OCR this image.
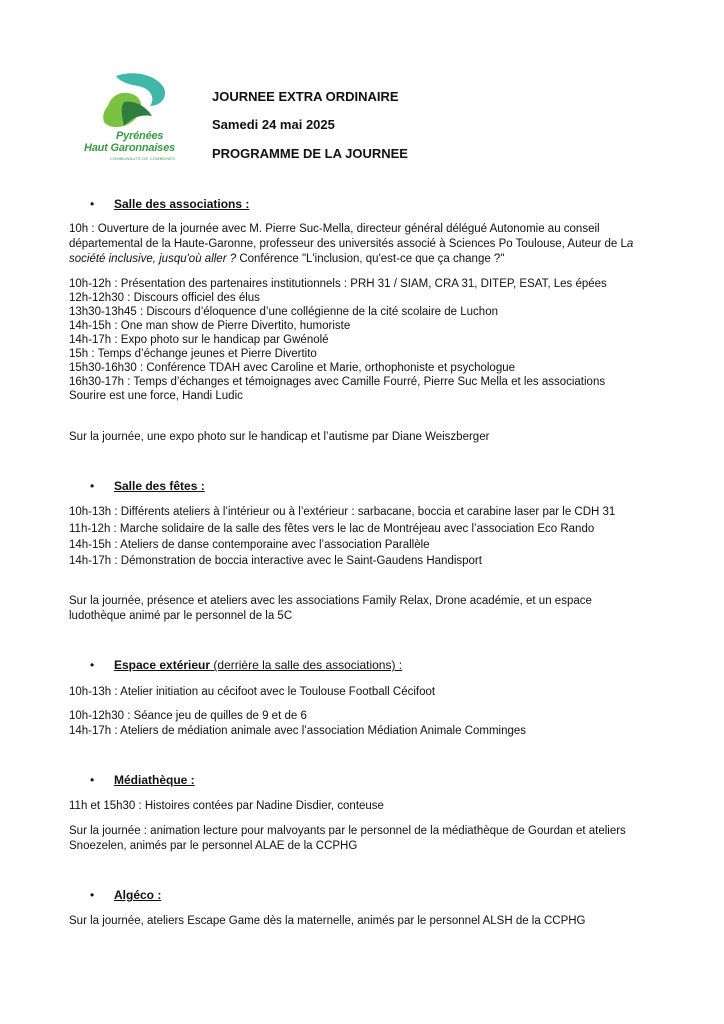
Pyrénées
Haut Garonnaises
COMMUNAUTÉ DE COMMUNES
JOURNEE EXTRA ORDINAIRE
Samedi 24 mai 2025
PROGRAMME DE LA JOURNEE
• Salle des associations :
10h : Ouverture de la journée avec M. Pierre Suc-Mella, directeur général délégué Autonomie au conseil
départemental de la Haute-Garonne, professeur des universités associé à Sciences Po Toulouse, Auteur de La
société inclusive, jusqu'où aller ? Conférence "L'inclusion, qu'est-ce que ça change ?"
10h-12h : Présentation des partenaires institutionnels : PRH 31 / SIAM, CRA 31, DITEP, ESAT, Les épées
12h-12h30 : Discours officiel des élus
13h30-13h45 : Discours d’éloquence d’une collégienne de la cité scolaire de Luchon
14h-15h : One man show de Pierre Divertito, humoriste
14h-17h : Expo photo sur le handicap par Gwénolé
15h : Temps d’échange jeunes et Pierre Divertito
15h30-16h30 : Conférence TDAH avec Caroline et Marie, orthophoniste et psychologue
16h30-17h : Temps d’échanges et témoignages avec Camille Fourré, Pierre Suc Mella et les associations
Sourire est une force, Handi Ludic
Sur la journée, une expo photo sur le handicap et l’autisme par Diane Weiszberger
• Salle des fêtes :
10h-13h : Différents ateliers à l’intérieur ou à l’extérieur : sarbacane, boccia et carabine laser par le CDH 31
11h-12h : Marche solidaire de la salle des fêtes vers le lac de Montréjeau avec l’association Eco Rando
14h-15h : Ateliers de danse contemporaine avec l’association Parallèle
14h-17h : Démonstration de boccia interactive avec le Saint-Gaudens Handisport
Sur la journée, présence et ateliers avec les associations Family Relax, Drone académie, et un espace
ludothèque animé par le personnel de la 5C
• Espace extérieur (derrière la salle des associations) :
10h-13h : Atelier initiation au cécifoot avec le Toulouse Football Cécifoot
10h-12h30 : Séance jeu de quilles de 9 et de 6
14h-17h : Ateliers de médiation animale avec l’association Médiation Animale Comminges
• Médiathèque :
11h et 15h30 : Histoires contées par Nadine Disdier, conteuse
Sur la journée : animation lecture pour malvoyants par le personnel de la médiathèque de Gourdan et ateliers
Snoezelen, animés par le personnel ALAE de la CCPHG
• Algéco :
Sur la journée, ateliers Escape Game dès la maternelle, animés par le personnel ALSH de la CCPHG
